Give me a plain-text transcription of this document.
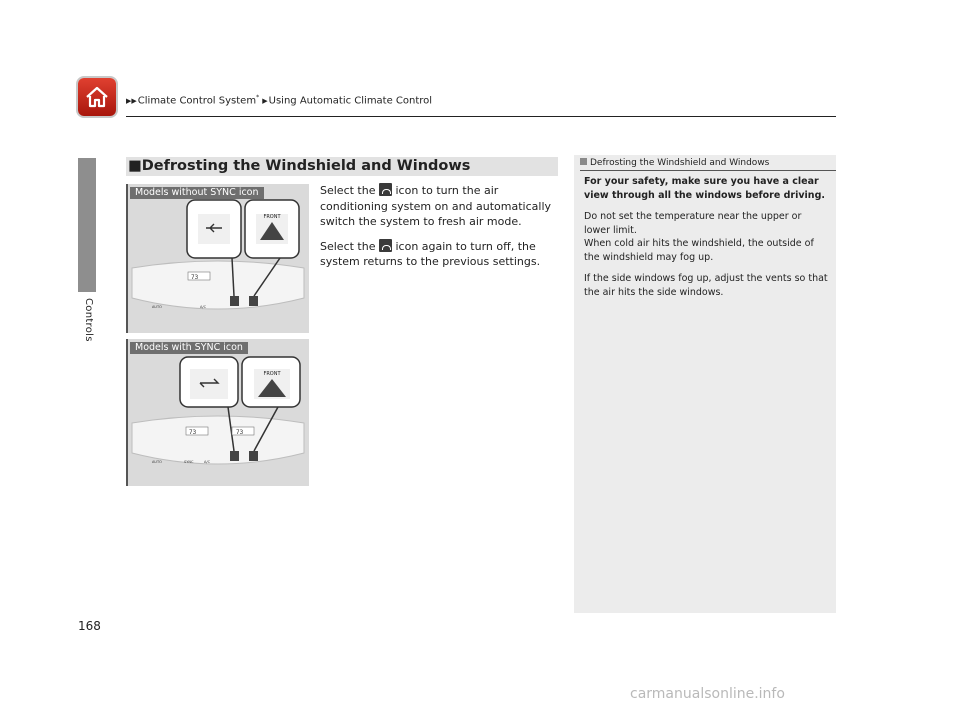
▶▶Climate Control System* ▶Using Automatic Climate Control
Controls
168
■Defrosting the Windshield and Windows

Select the  icon to turn the air conditioning system on and automatically switch the system to fresh air mode.

Select the  icon again to turn off, the system returns to the previous settings.

Models without SYNC icon
FRONT
73
AUTO	A/C
Models with SYNC icon
FRONT
73	73
AUTO	SYNC	A/C
Defrosting the Windshield and Windows

For your safety, make sure you have a clear view through all the windows before driving.

Do not set the temperature near the upper or lower limit.
When cold air hits the windshield, the outside of the windshield may fog up.

If the side windows fog up, adjust the vents so that the air hits the side windows.

carmanualsonline.info
